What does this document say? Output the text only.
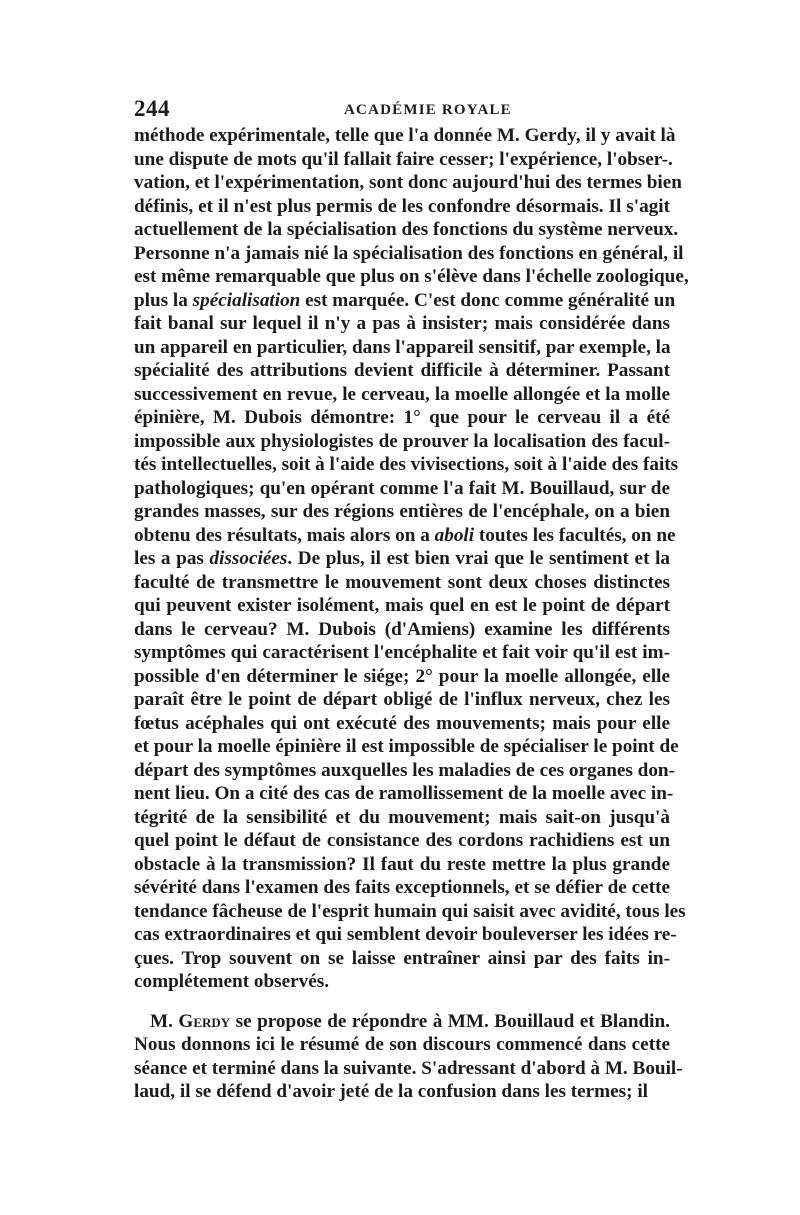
244	ACADÉMIE ROYALE
méthode expérimentale, telle que l'a donnée M. Gerdy, il y avait là
une dispute de mots qu'il fallait faire cesser; l'expérience, l'obser-.
vation, et l'expérimentation, sont donc aujourd'hui des termes bien
définis, et il n'est plus permis de les confondre désormais. Il s'agit
actuellement de la spécialisation des fonctions du système nerveux.
Personne n'a jamais nié la spécialisation des fonctions en général, il
est même remarquable que plus on s'élève dans l'échelle zoologique,
plus la spécialisation est marquée. C'est donc comme généralité un
fait banal sur lequel il n'y a pas à insister; mais considérée dans
un appareil en particulier, dans l'appareil sensitif, par exemple, la
spécialité des attributions devient difficile à déterminer. Passant
successivement en revue, le cerveau, la moelle allongée et la molle
épinière, M. Dubois démontre: 1° que pour le cerveau il a été
impossible aux physiologistes de prouver la localisation des facul-
tés intellectuelles, soit à l'aide des vivisections, soit à l'aide des faits
pathologiques; qu'en opérant comme l'a fait M. Bouillaud, sur de
grandes masses, sur des régions entières de l'encéphale, on a bien
obtenu des résultats, mais alors on a aboli toutes les facultés, on ne
les a pas dissociées. De plus, il est bien vrai que le sentiment et la
faculté de transmettre le mouvement sont deux choses distinctes
qui peuvent exister isolément, mais quel en est le point de départ
dans le cerveau? M. Dubois (d'Amiens) examine les différents
symptômes qui caractérisent l'encéphalite et fait voir qu'il est im-
possible d'en déterminer le siége; 2° pour la moelle allongée, elle
paraît être le point de départ obligé de l'influx nerveux, chez les
fœtus acéphales qui ont exécuté des mouvements; mais pour elle
et pour la moelle épinière il est impossible de spécialiser le point de
départ des symptômes auxquelles les maladies de ces organes don-
nent lieu. On a cité des cas de ramollissement de la moelle avec in-
tégrité de la sensibilité et du mouvement; mais sait-on jusqu'à
quel point le défaut de consistance des cordons rachidiens est un
obstacle à la transmission? Il faut du reste mettre la plus grande
sévérité dans l'examen des faits exceptionnels, et se défier de cette
tendance fâcheuse de l'esprit humain qui saisit avec avidité, tous les
cas extraordinaires et qui semblent devoir bouleverser les idées re-
çues. Trop souvent on se laisse entraîner ainsi par des faits in-
complétement observés.
M. Gerdy se propose de répondre à MM. Bouillaud et Blandin.
Nous donnons ici le résumé de son discours commencé dans cette
séance et terminé dans la suivante. S'adressant d'abord à M. Bouil-
laud, il se défend d'avoir jeté de la confusion dans les termes; il
